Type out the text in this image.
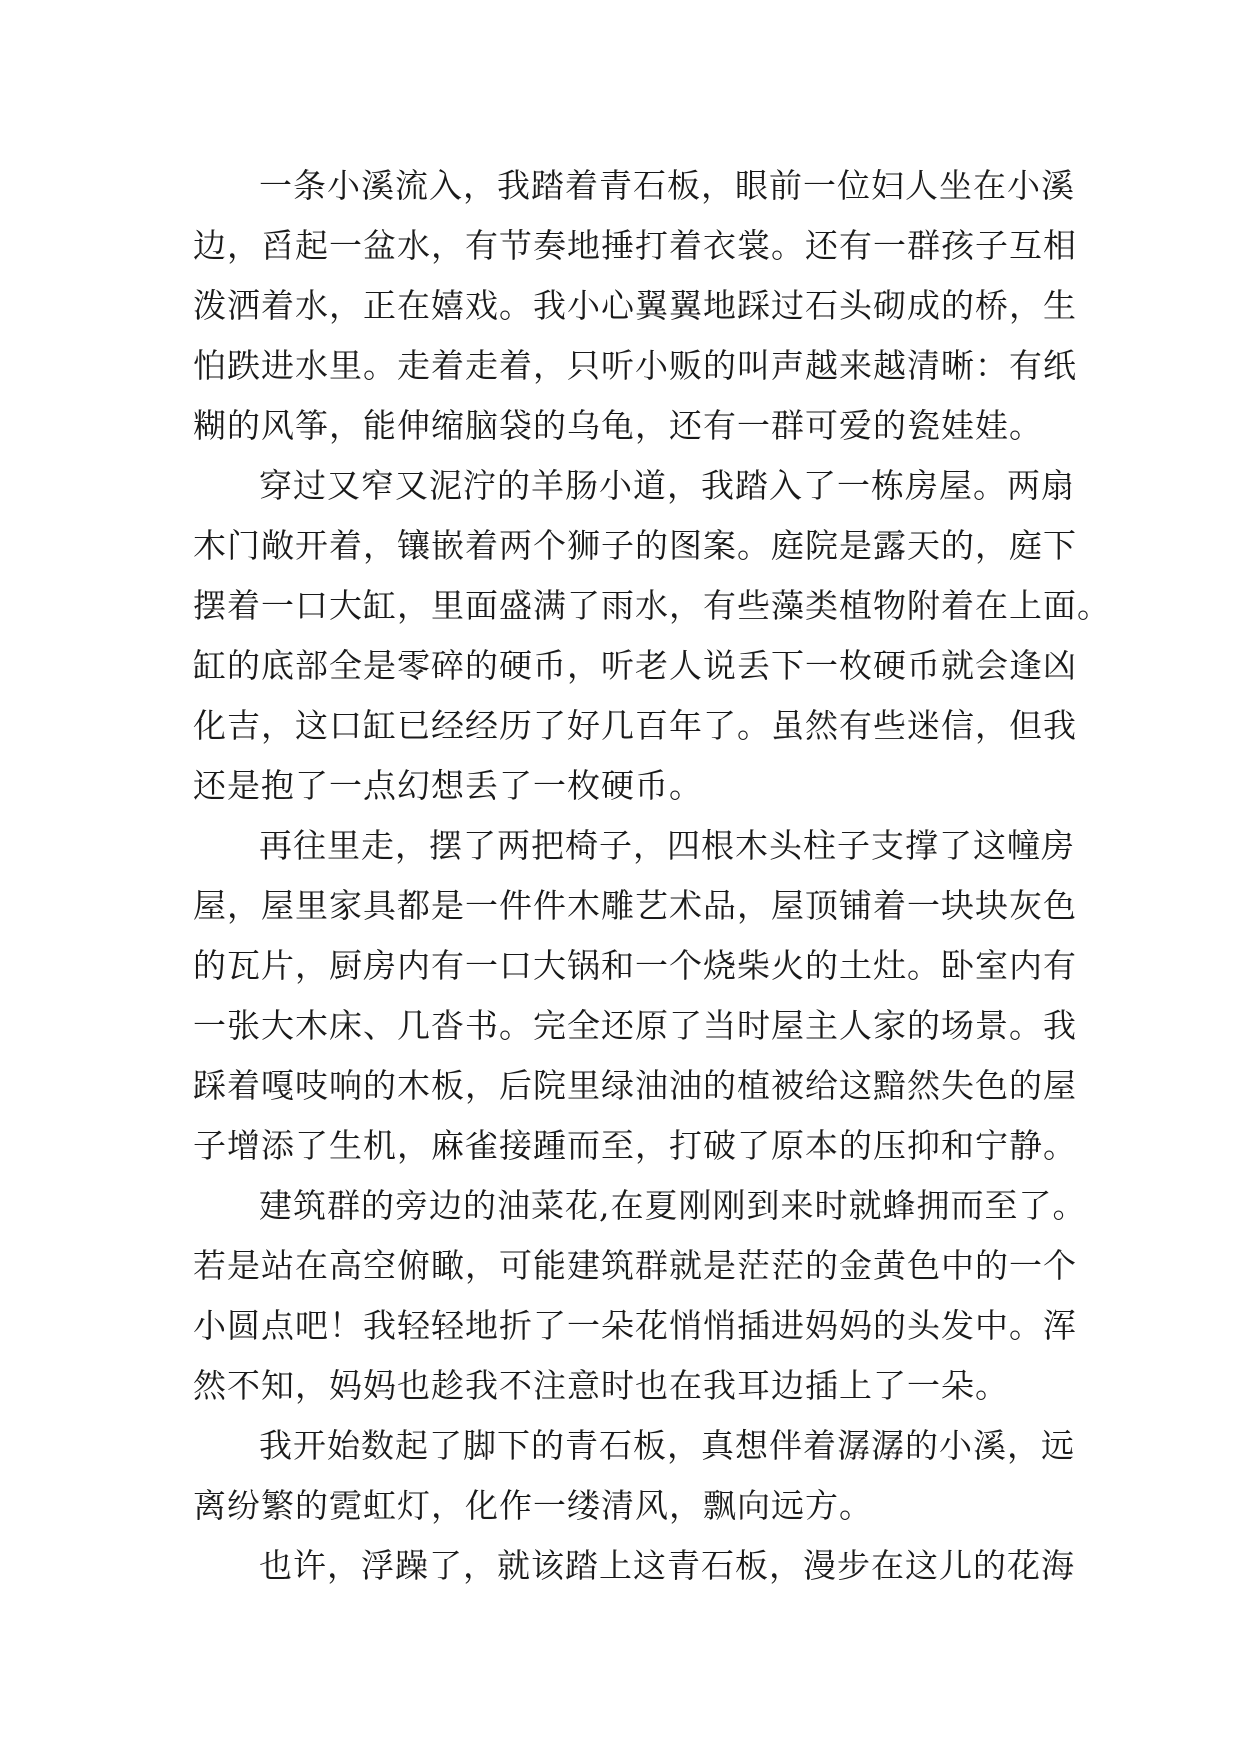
一条小溪流入，我踏着青石板，眼前一位妇人坐在小溪
边，舀起一盆水，有节奏地捶打着衣裳。还有一群孩子互相
泼洒着水，正在嬉戏。我小心翼翼地踩过石头砌成的桥，生
怕跌进水里。走着走着，只听小贩的叫声越来越清晰：有纸
糊的风筝，能伸缩脑袋的乌龟，还有一群可爱的瓷娃娃。
穿过又窄又泥泞的羊肠小道，我踏入了一栋房屋。两扇
木门敞开着，镶嵌着两个狮子的图案。庭院是露天的，庭下
摆着一口大缸，里面盛满了雨水，有些藻类植物附着在上面。
缸的底部全是零碎的硬币，听老人说丢下一枚硬币就会逢凶
化吉，这口缸已经经历了好几百年了。虽然有些迷信，但我
还是抱了一点幻想丢了一枚硬币。
再往里走，摆了两把椅子，四根木头柱子支撑了这幢房
屋，屋里家具都是一件件木雕艺术品，屋顶铺着一块块灰色
的瓦片，厨房内有一口大锅和一个烧柴火的土灶。卧室内有
一张大木床、几沓书。完全还原了当时屋主人家的场景。我
踩着嘎吱响的木板，后院里绿油油的植被给这黯然失色的屋
子增添了生机，麻雀接踵而至，打破了原本的压抑和宁静。
建筑群的旁边的油菜花,在夏刚刚到来时就蜂拥而至了。
若是站在高空俯瞰，可能建筑群就是茫茫的金黄色中的一个
小圆点吧！我轻轻地折了一朵花悄悄插进妈妈的头发中。浑
然不知，妈妈也趁我不注意时也在我耳边插上了一朵。
我开始数起了脚下的青石板，真想伴着潺潺的小溪，远
离纷繁的霓虹灯，化作一缕清风，飘向远方。
也许，浮躁了，就该踏上这青石板，漫步在这儿的花海
